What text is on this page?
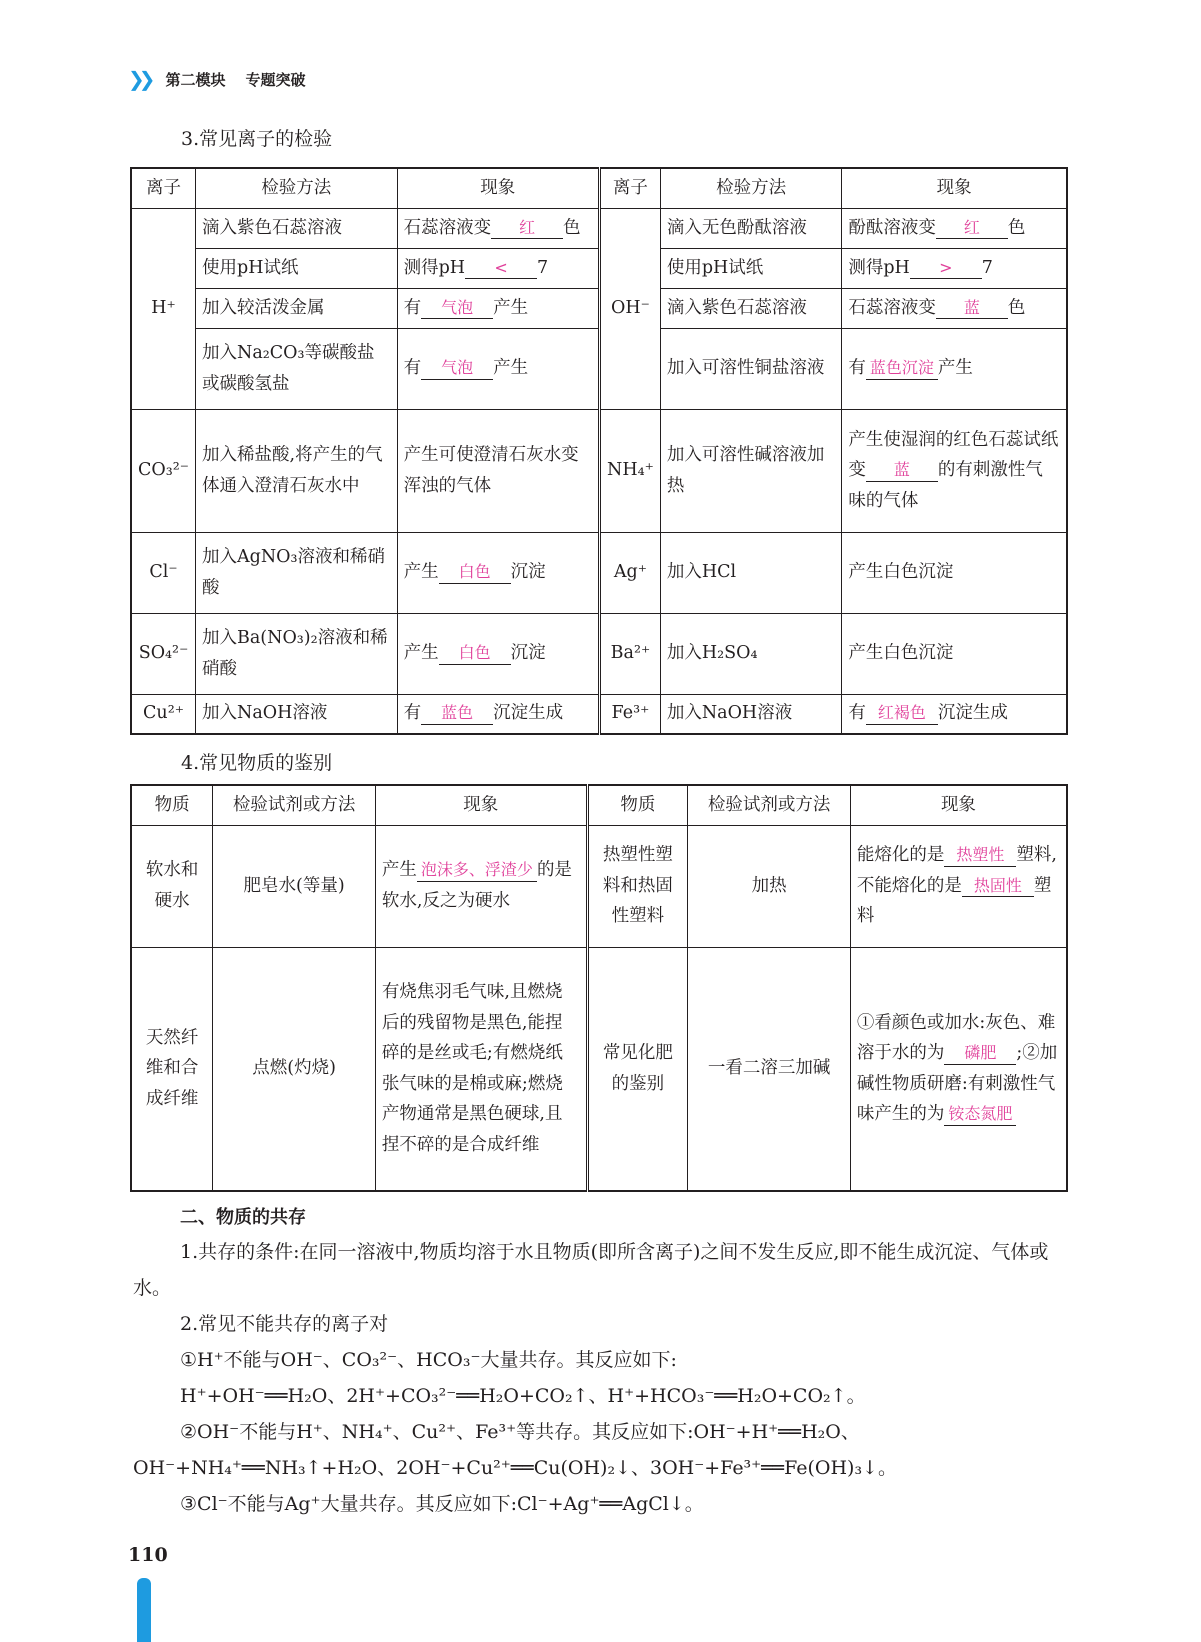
❯❯ 第二模块 专题突破
3.常见离子的检验
离子	检验方法	现象	离子	检验方法	现象
H⁺	滴入紫色石蕊溶液	石蕊溶液变 红 色	OH⁻	滴入无色酚酞溶液	酚酞溶液变 红 色
	使用pH试纸	测得pH < 7		使用pH试纸	测得pH > 7
	加入较活泼金属	有 气泡 产生		滴入紫色石蕊溶液	石蕊溶液变 蓝 色
	加入Na₂CO₃等碳酸盐或碳酸氢盐	有 气泡 产生		加入可溶性铜盐溶液	有 蓝色沉淀 产生
CO₃²⁻	加入稀盐酸,将产生的气体通入澄清石灰水中	产生可使澄清石灰水变浑浊的气体	NH₄⁺	加入可溶性碱溶液加热	产生使湿润的红色石蕊试纸变 蓝 的有刺激性气味的气体
Cl⁻	加入AgNO₃溶液和稀硝酸	产生 白色 沉淀	Ag⁺	加入HCl	产生白色沉淀
SO₄²⁻	加入Ba(NO₃)₂溶液和稀硝酸	产生 白色 沉淀	Ba²⁺	加入H₂SO₄	产生白色沉淀
Cu²⁺	加入NaOH溶液	有 蓝色 沉淀生成	Fe³⁺	加入NaOH溶液	有 红褐色 沉淀生成
4.常见物质的鉴别
物质	检验试剂或方法	现象	物质	检验试剂或方法	现象
软水和硬水	肥皂水(等量)	产生 泡沫多、浮渣少 的是软水,反之为硬水	热塑性塑料和热固性塑料	加热	能熔化的是 热塑性 塑料,不能熔化的是 热固性 塑料
天然纤维和合成纤维	点燃(灼烧)	有烧焦羽毛气味,且燃烧后的残留物是黑色,能捏碎的是丝或毛;有燃烧纸张气味的是棉或麻;燃烧产物通常是黑色硬球,且捏不碎的是合成纤维	常见化肥的鉴别	一看二溶三加碱	①看颜色或加水:灰色、难溶于水的为 磷肥 ;②加碱性物质研磨:有刺激性气味产生的为 铵态氮肥
二、物质的共存

1.共存的条件:在同一溶液中,物质均溶于水且物质(即所含离子)之间不发生反应,即不能生成沉淀、气体或水。

2.常见不能共存的离子对

①H⁺不能与OH⁻、CO₃²⁻、HCO₃⁻大量共存。其反应如下:

H⁺+OH⁻══H₂O、2H⁺+CO₃²⁻══H₂O+CO₂↑、H⁺+HCO₃⁻══H₂O+CO₂↑。

②OH⁻不能与H⁺、NH₄⁺、Cu²⁺、Fe³⁺等共存。其反应如下:OH⁻+H⁺══H₂O、OH⁻+NH₄⁺══NH₃↑+H₂O、2OH⁻+Cu²⁺══Cu(OH)₂↓、3OH⁻+Fe³⁺══Fe(OH)₃↓。

③Cl⁻不能与Ag⁺大量共存。其反应如下:Cl⁻+Ag⁺══AgCl↓。

110
